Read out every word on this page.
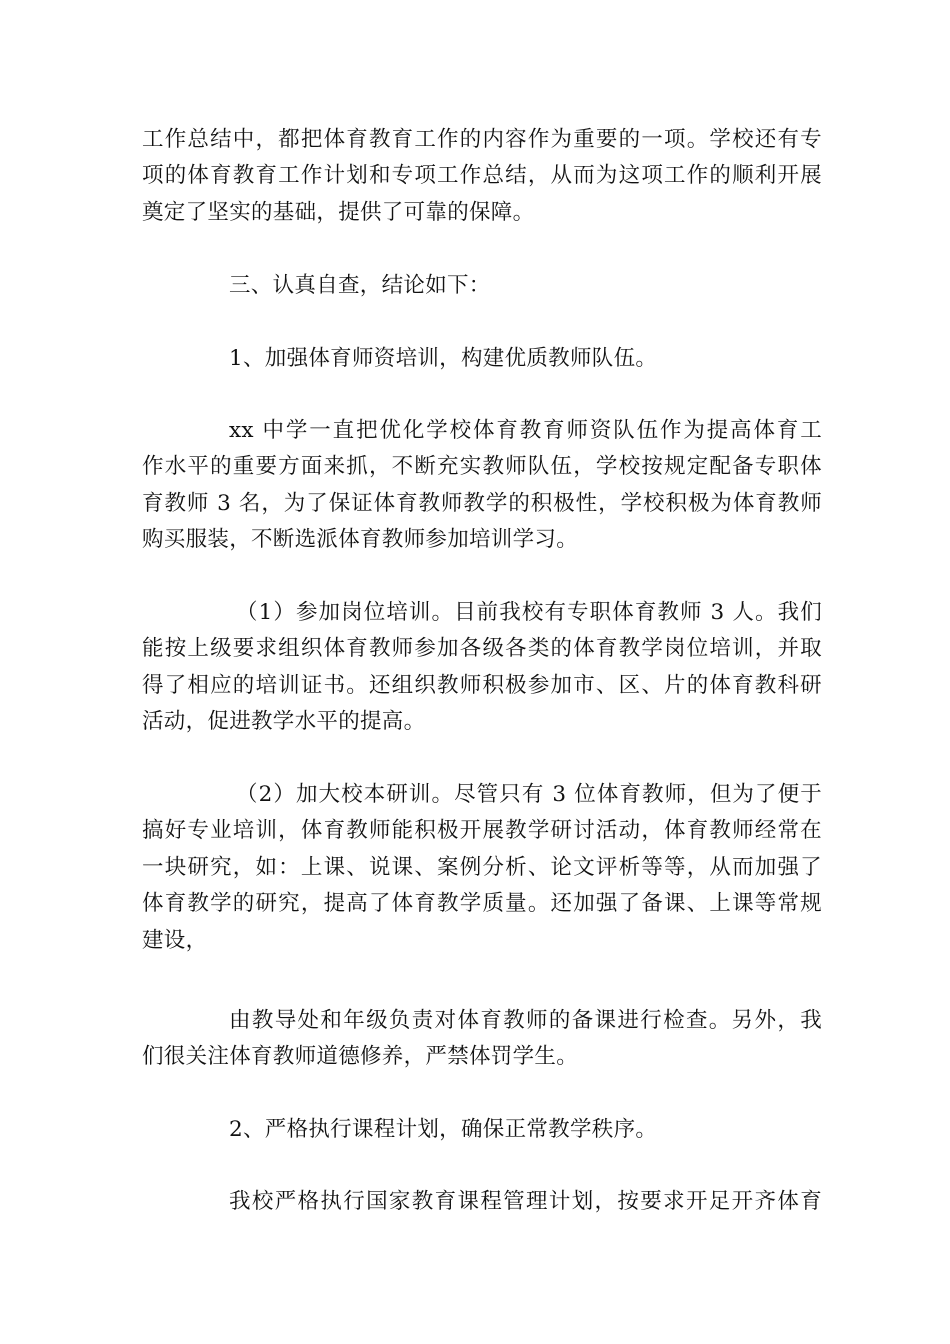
工作总结中，都把体育教育工作的内容作为重要的一项。学校还有专
项的体育教育工作计划和专项工作总结，从而为这项工作的顺利开展
奠定了坚实的基础，提供了可靠的保障。
三、认真自查，结论如下：
1、加强体育师资培训，构建优质教师队伍。
xx 中学一直把优化学校体育教育师资队伍作为提高体育工
作水平的重要方面来抓，不断充实教师队伍，学校按规定配备专职体
育教师 3 名，为了保证体育教师教学的积极性，学校积极为体育教师
购买服装，不断选派体育教师参加培训学习。
（1）参加岗位培训。目前我校有专职体育教师 3 人。我们
能按上级要求组织体育教师参加各级各类的体育教学岗位培训，并取
得了相应的培训证书。还组织教师积极参加市、区、片的体育教科研
活动，促进教学水平的提高。
（2）加大校本研训。尽管只有 3 位体育教师，但为了便于
搞好专业培训，体育教师能积极开展教学研讨活动，体育教师经常在
一块研究，如：上课、说课、案例分析、论文评析等等，从而加强了
体育教学的研究，提高了体育教学质量。还加强了备课、上课等常规
建设，
由教导处和年级负责对体育教师的备课进行检查。另外，我
们很关注体育教师道德修养，严禁体罚学生。
2、严格执行课程计划，确保正常教学秩序。
我校严格执行国家教育课程管理计划，按要求开足开齐体育
